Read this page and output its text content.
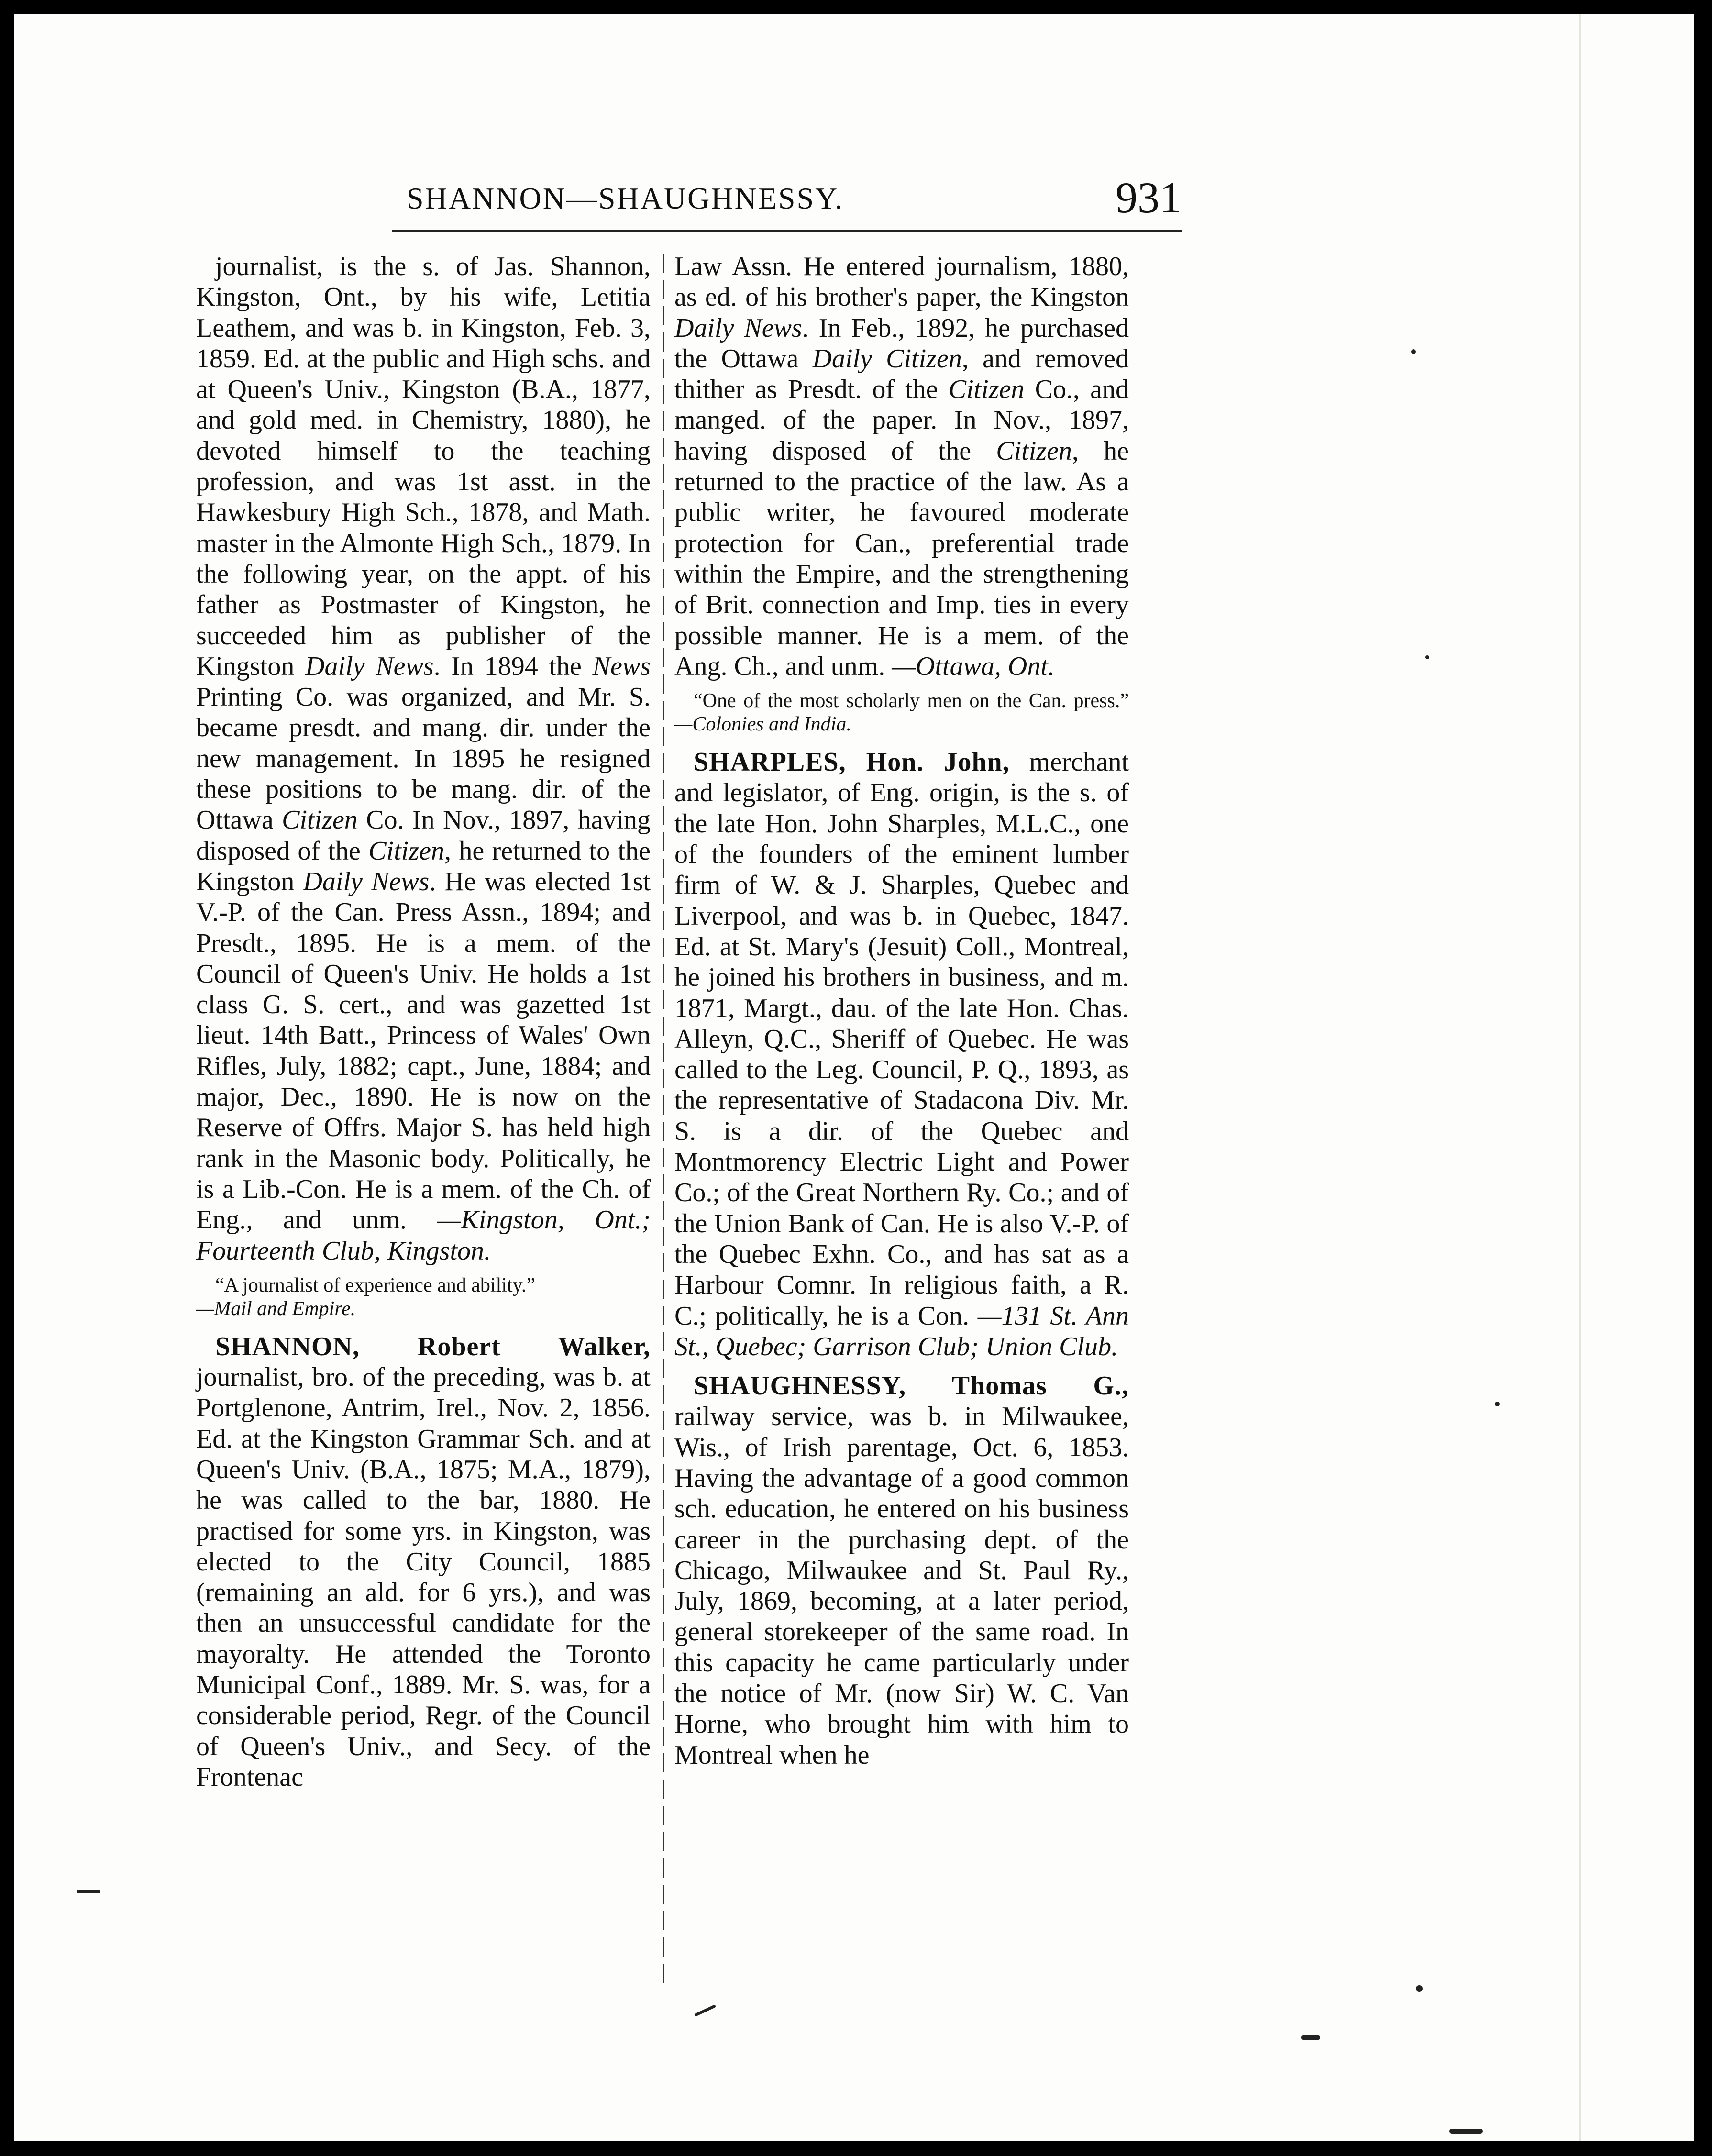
SHANNON—SHAUGHNESSY.	931

journalist, is the s. of Jas. Shannon, Kingston, Ont., by his wife, Letitia Leathem, and was b. in Kingston, Feb. 3, 1859. Ed. at the public and High schs. and at Queen's Univ., Kingston (B.A., 1877, and gold med. in Chemistry, 1880), he devoted himself to the teaching profession, and was 1st asst. in the Hawkesbury High Sch., 1878, and Math. master in the Almonte High Sch., 1879. In the following year, on the appt. of his father as Postmaster of Kingston, he succeeded him as publisher of the Kingston Daily News. In 1894 the News Printing Co. was organized, and Mr. S. became presdt. and mang. dir. under the new management. In 1895 he resigned these positions to be mang. dir. of the Ottawa Citizen Co. In Nov., 1897, having disposed of the Citizen, he returned to the Kingston Daily News. He was elected 1st V.-P. of the Can. Press Assn., 1894; and Presdt., 1895. He is a mem. of the Council of Queen's Univ. He holds a 1st class G. S. cert., and was gazetted 1st lieut. 14th Batt., Princess of Wales' Own Rifles, July, 1882; capt., June, 1884; and major, Dec., 1890. He is now on the Reserve of Offrs. Major S. has held high rank in the Masonic body. Politically, he is a Lib.-Con. He is a mem. of the Ch. of Eng., and unm. —Kingston, Ont.; Fourteenth Club, Kingston.

“A journalist of experience and ability.”
—Mail and Empire.

SHANNON, Robert Walker, journalist, bro. of the preceding, was b. at Portglenone, Antrim, Irel., Nov. 2, 1856. Ed. at the Kingston Grammar Sch. and at Queen's Univ. (B.A., 1875; M.A., 1879), he was called to the bar, 1880. He practised for some yrs. in Kingston, was elected to the City Council, 1885 (remaining an ald. for 6 yrs.), and was then an unsuccessful candidate for the mayoralty. He attended the Toronto Municipal Conf., 1889. Mr. S. was, for a considerable period, Regr. of the Council of Queen's Univ., and Secy. of the Frontenac

Law Assn. He entered journalism, 1880, as ed. of his brother's paper, the Kingston Daily News. In Feb., 1892, he purchased the Ottawa Daily Citizen, and removed thither as Presdt. of the Citizen Co., and manged. of the paper. In Nov., 1897, having disposed of the Citizen, he returned to the practice of the law. As a public writer, he favoured moderate protection for Can., preferential trade within the Empire, and the strengthening of Brit. connection and Imp. ties in every possible manner. He is a mem. of the Ang. Ch., and unm. —Ottawa, Ont.

“One of the most scholarly men on the Can. press.” —Colonies and India.

SHARPLES, Hon. John, merchant and legislator, of Eng. origin, is the s. of the late Hon. John Sharples, M.L.C., one of the founders of the eminent lumber firm of W. & J. Sharples, Quebec and Liverpool, and was b. in Quebec, 1847. Ed. at St. Mary's (Jesuit) Coll., Montreal, he joined his brothers in business, and m. 1871, Margt., dau. of the late Hon. Chas. Alleyn, Q.C., Sheriff of Quebec. He was called to the Leg. Council, P. Q., 1893, as the representative of Stadacona Div. Mr. S. is a dir. of the Quebec and Montmorency Electric Light and Power Co.; of the Great Northern Ry. Co.; and of the Union Bank of Can. He is also V.-P. of the Quebec Exhn. Co., and has sat as a Harbour Comnr. In religious faith, a R. C.; politically, he is a Con. —131 St. Ann St., Quebec; Garrison Club; Union Club.

SHAUGHNESSY, Thomas G., railway service, was b. in Milwaukee, Wis., of Irish parentage, Oct. 6, 1853. Having the advantage of a good common sch. education, he entered on his business career in the purchasing dept. of the Chicago, Milwaukee and St. Paul Ry., July, 1869, becoming, at a later period, general storekeeper of the same road. In this capacity he came particularly under the notice of Mr. (now Sir) W. C. Van Horne, who brought him with him to Montreal when he
